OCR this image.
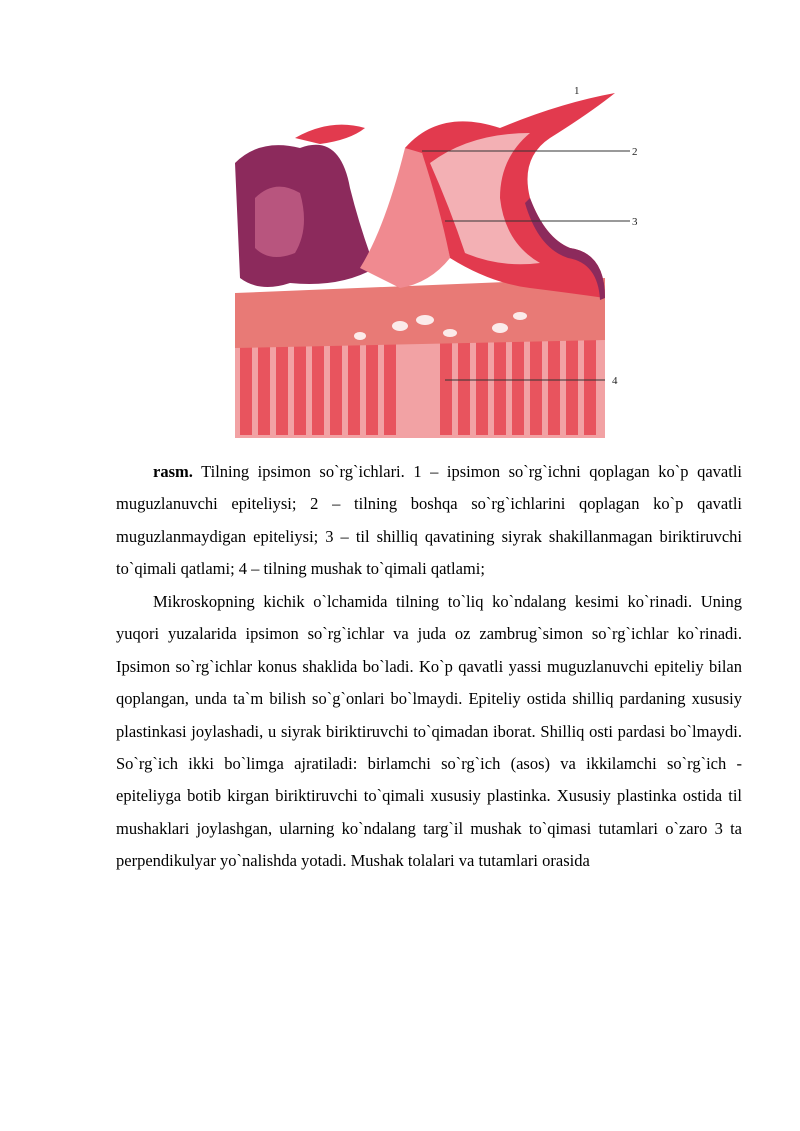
1
2
3
4
rasm. Tilning ipsimon so`rg`ichlari. 1 – ipsimon so`rg`ichni qoplagan ko`p qavatli muguzlanuvchi epiteliysi; 2 – tilning boshqa so`rg`ichlarini qoplagan ko`p qavatli muguzlanmaydigan epiteliysi; 3 – til shilliq qavatining siyrak shakillanmagan biriktiruvchi to`qimali qatlami; 4 – tilning mushak to`qimali qatlami;
Mikroskopning kichik o`lchamida tilning to`liq ko`ndalang kesimi ko`rinadi. Uning yuqori yuzalarida ipsimon so`rg`ichlar va juda oz zambrug`simon so`rg`ichlar ko`rinadi. Ipsimon so`rg`ichlar konus shaklida bo`ladi. Ko`p qavatli yassi muguzlanuvchi epiteliy bilan qoplangan, unda ta`m bilish so`g`onlari bo`lmaydi. Epiteliy ostida shilliq pardaning xususiy plastinkasi joylashadi, u siyrak biriktiruvchi to`qimadan iborat. Shilliq osti pardasi bo`lmaydi. So`rg`ich ikki bo`limga ajratiladi: birlamchi so`rg`ich (asos) va ikkilamchi so`rg`ich - epiteliyga botib kirgan biriktiruvchi to`qimali xususiy plastinka. Xususiy plastinka ostida til mushaklari joylashgan, ularning ko`ndalang targ`il mushak to`qimasi tutamlari o`zaro 3 ta perpendikulyar yo`nalishda yotadi. Mushak tolalari va tutamlari orasida
